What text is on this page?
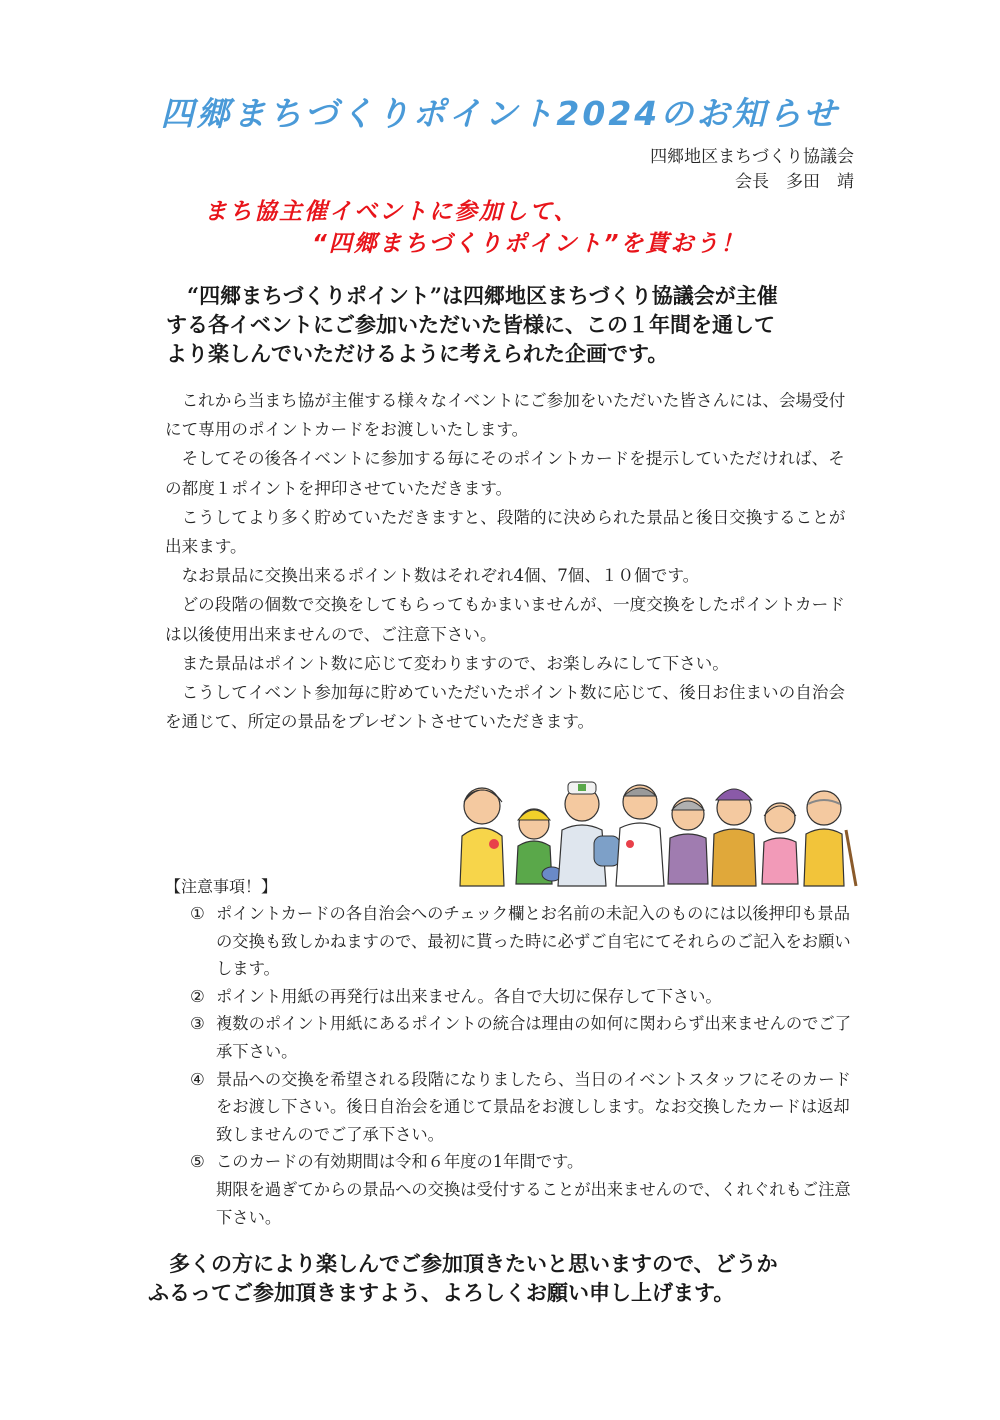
四郷まちづくりポイント2024のお知らせ
四郷地区まちづくり協議会
会長　多田　靖
まち協主催イベントに参加して、
“四郷まちづくりポイント”を貰おう！

“四郷まちづくりポイント”は四郷地区まちづくり協議会が主催

する各イベントにご参加いただいた皆様に、この１年間を通して

より楽しんでいただけるように考えられた企画です。

これから当まち協が主催する様々なイベントにご参加をいただいた皆さんには、会場受付にて専用のポイントカードをお渡しいたします。

そしてその後各イベントに参加する毎にそのポイントカードを提示していただければ、その都度１ポイントを押印させていただきます。

こうしてより多く貯めていただきますと、段階的に決められた景品と後日交換することが出来ます。

なお景品に交換出来るポイント数はそれぞれ4個、7個、１０個です。

どの段階の個数で交換をしてもらってもかまいませんが、一度交換をしたポイントカードは以後使用出来ませんので、ご注意下さい。

また景品はポイント数に応じて変わりますので、お楽しみにして下さい。

こうしてイベント参加毎に貯めていただいたポイント数に応じて、後日お住まいの自治会を通じて、所定の景品をプレゼントさせていただきます。

【注意事項！】
① ポイントカードの各自治会へのチェック欄とお名前の未記入のものには以後押印も景品の交換も致しかねますので、最初に貰った時に必ずご自宅にてそれらのご記入をお願いします。
② ポイント用紙の再発行は出来ません。各自で大切に保存して下さい。
③ 複数のポイント用紙にあるポイントの統合は理由の如何に関わらず出来ませんのでご了承下さい。
④ 景品への交換を希望される段階になりましたら、当日のイベントスタッフにそのカードをお渡し下さい。後日自治会を通じて景品をお渡しします。なお交換したカードは返却致しませんのでご了承下さい。
⑤ このカードの有効期間は令和６年度の1年間です。
期限を過ぎてからの景品への交換は受付することが出来ませんので、くれぐれもご注意下さい。

多くの方により楽しんでご参加頂きたいと思いますので、どうか

ふるってご参加頂きますよう、よろしくお願い申し上げます。
